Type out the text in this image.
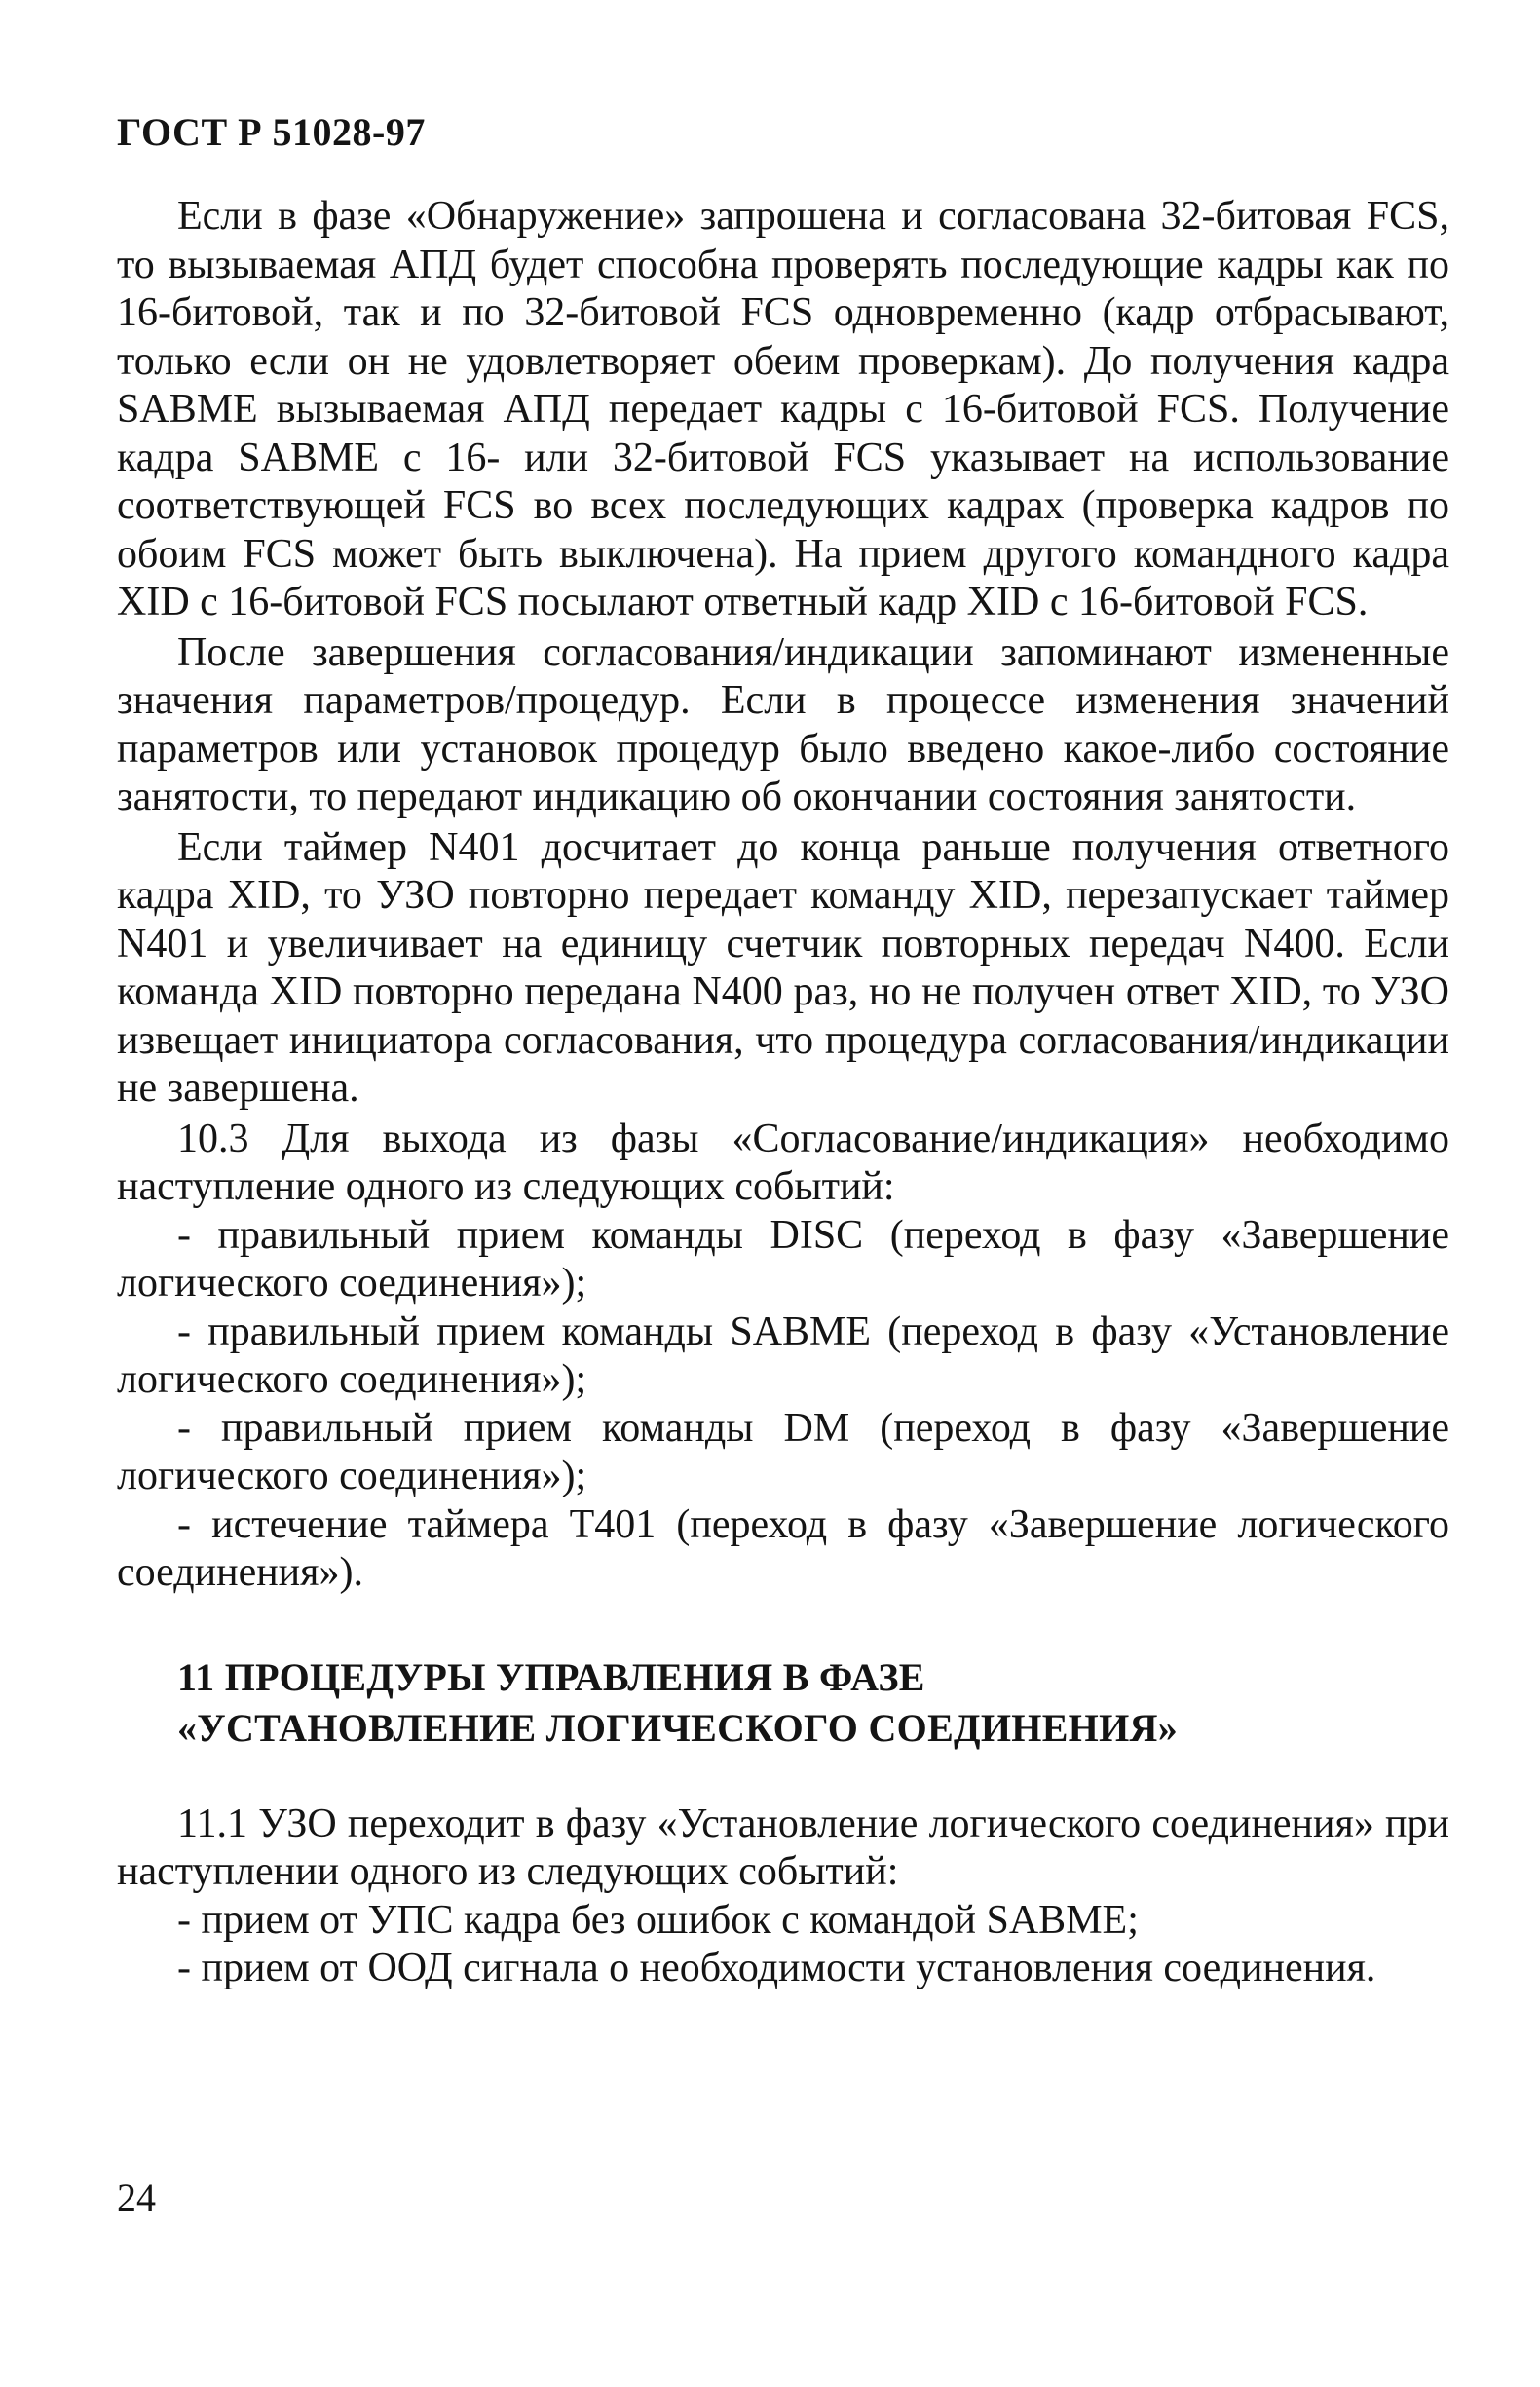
ГОСТ Р 51028-97

Если в фазе «Обнаружение» запрошена и согласована 32-битовая FCS, то вызываемая АПД будет способна проверять последующие кадры как по 16-битовой, так и по 32-битовой FCS одновременно (кадр отбрасывают, только если он не удовлетворяет обеим проверкам). До получения кадра SABME вызываемая АПД передает кадры с 16-битовой FCS. Получение кадра SABME с 16- или 32-битовой FCS указывает на использование соответствующей FCS во всех последующих кадрах (проверка кадров по обоим FCS может быть выключена). На прием другого командного кадра XID с 16-битовой FCS посылают ответный кадр XID с 16-битовой FCS.

После завершения согласования/индикации запоминают измененные значения параметров/процедур. Если в процессе изменения значений параметров или установок процедур было введено какое-либо состояние занятости, то передают индикацию об окончании состояния занятости.

Если таймер N401 досчитает до конца раньше получения ответного кадра XID, то УЗО повторно передает команду XID, перезапускает таймер N401 и увеличивает на единицу счетчик повторных передач N400. Если команда XID повторно передана N400 раз, но не получен ответ XID, то УЗО извещает инициатора согласования, что процедура согласования/индикации не завершена.

10.3 Для выхода из фазы «Согласование/индикация» необходимо наступление одного из следующих событий:

- правильный прием команды DISC (переход в фазу «Завершение логического соединения»);

- правильный прием команды SABME (переход в фазу «Установление логического соединения»);

- правильный прием команды DM (переход в фазу «Завершение логического соединения»);

- истечение таймера T401 (переход в фазу «Завершение логического соединения»).

11 ПРОЦЕДУРЫ УПРАВЛЕНИЯ В ФАЗЕ
«УСТАНОВЛЕНИЕ ЛОГИЧЕСКОГО СОЕДИНЕНИЯ»

11.1 УЗО переходит в фазу «Установление логического соединения» при наступлении одного из следующих событий:

- прием от УПС кадра без ошибок с командой SABME;

- прием от ООД сигнала о необходимости установления соединения.

24
